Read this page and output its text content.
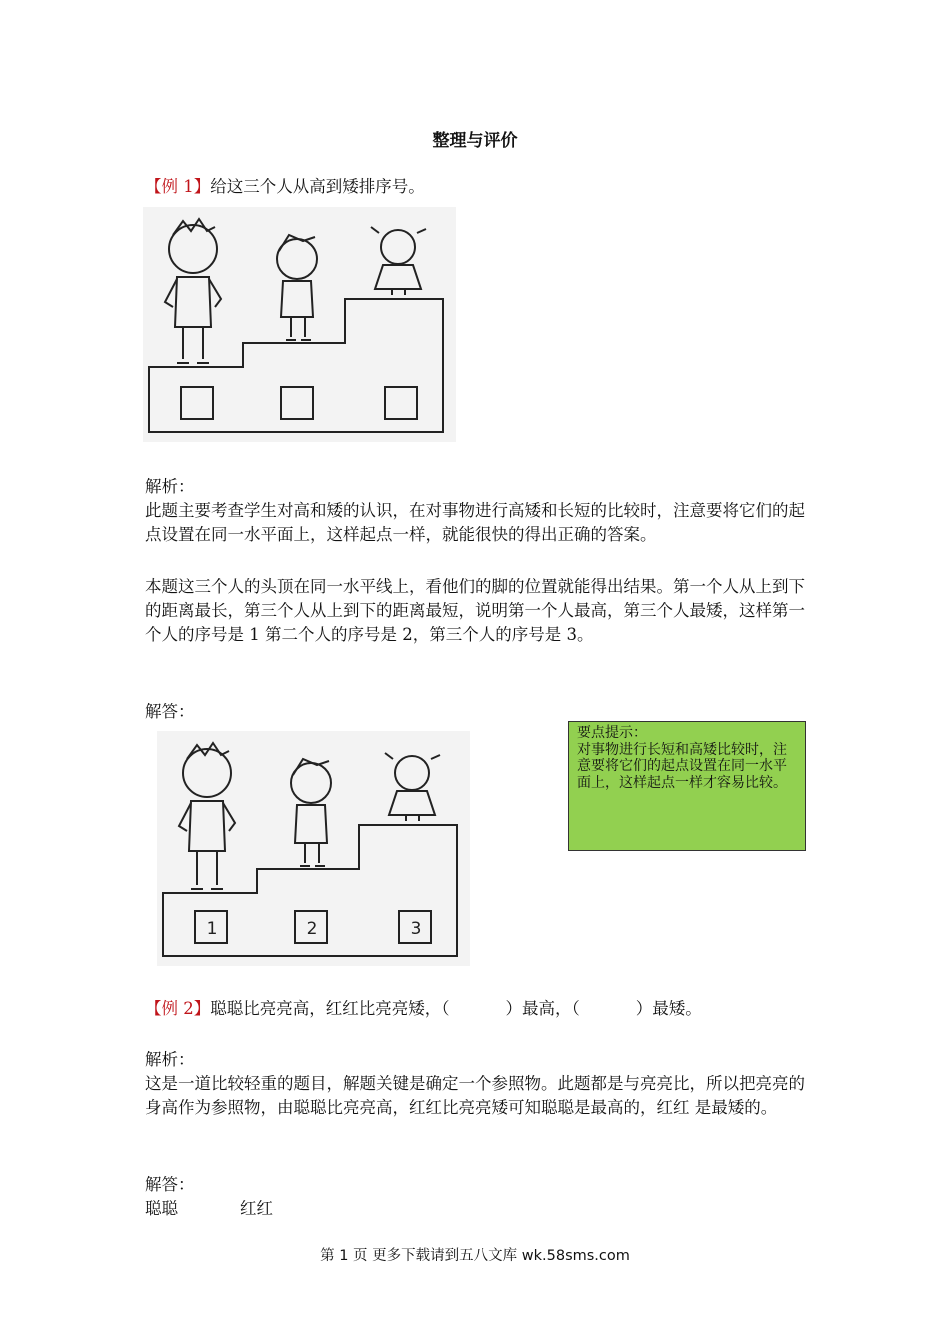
整理与评价
【例 1】给这三个人从高到矮排序号。
解析：
此题主要考查学生对高和矮的认识，在对事物进行高矮和长短的比较时，注意要将它们的起点设置在同一水平面上，这样起点一样，就能很快的得出正确的答案。
本题这三个人的头顶在同一水平线上，看他们的脚的位置就能得出结果。第一个人从上到下的距离最长，第三个人从上到下的距离最短，说明第一个人最高，第三个人最矮，这样第一个人的序号是 1 第二个人的序号是 2，第三个人的序号是 3。
解答：
1	2	3
要点提示：
对事物进行长短和高矮比较时，注意要将它们的起点设置在同一水平面上，这样起点一样才容易比较。
【例 2】聪聪比亮亮高，红红比亮亮矮，（	）最高，（	）最矮。
解析：
这是一道比较轻重的题目，解题关键是确定一个参照物。此题都是与亮亮比，所以把亮亮的身高作为参照物，由聪聪比亮亮高，红红比亮亮矮可知聪聪是最高的，红红 是最矮的。
解答：
聪聪	红红
第 1 页 更多下载请到五八文库 wk.58sms.com
